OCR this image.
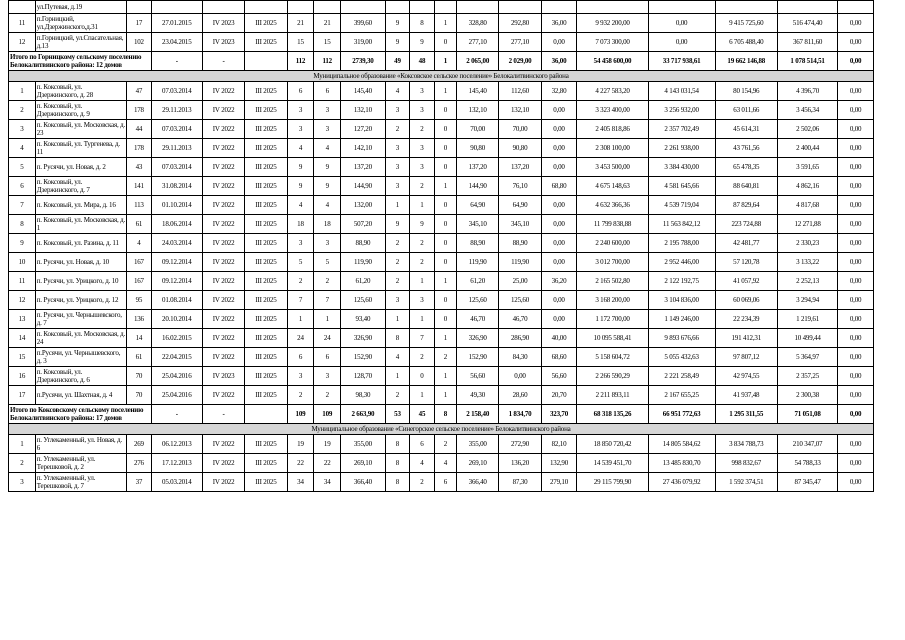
	ул.Путевая, д.19																		
11	п.Горницкий, ул.Дзержинского,д.31	17	27.01.2015	IV 2023	III 2025	21	21	399,60	9	8	1	328,80	292,80	36,00	9 932 200,00	0,00	9 415 725,60	516 474,40	0,00
12	п.Горницкий, ул.Спасательная, д.13	102	23.04.2015	IV 2023	III 2025	15	15	319,00	9	9	0	277,10	277,10	0,00	7 073 300,00	0,00	6 705 488,40	367 811,60	0,00
Итого по Горницкому сельскому поселению Белокалитвинского района: 12 домов			-	-		112	112	2739,30	49	48	1	2 065,00	2 029,00	36,00	54 458 600,00	33 717 938,61	19 662 146,88	1 078 514,51	0,00
Муниципальное образование «Коксовское сельское поселение» Белокалитвинского района																			
1	п. Коксовый, ул. Дзержинского, д. 28	47	07.03.2014	IV 2022	III 2025	6	6	145,40	4	3	1	145,40	112,60	32,80	4 227 583,20	4 143 031,54	80 154,96	4 396,70	0,00
2	п. Коксовый, ул. Дзержинского, д. 9	178	29.11.2013	IV 2022	III 2025	3	3	132,10	3	3	0	132,10	132,10	0,00	3 323 400,00	3 256 932,00	63 011,66	3 456,34	0,00
3	п. Коксовый, ул. Московская, д. 23	44	07.03.2014	IV 2022	III 2025	3	3	127,20	2	2	0	70,00	70,00	0,00	2 405 818,86	2 357 702,49	45 614,31	2 502,06	0,00
4	п. Коксовый, ул. Тургенева, д. 11	178	29.11.2013	IV 2022	III 2025	4	4	142,10	3	3	0	90,80	90,80	0,00	2 308 100,00	2 261 938,00	43 761,56	2 400,44	0,00
5	п. Русячи, ул. Новая, д. 2	43	07.03.2014	IV 2022	III 2025	9	9	137,20	3	3	0	137,20	137,20	0,00	3 453 500,00	3 384 430,00	65 478,35	3 591,65	0,00
6	п. Коксовый, ул. Дзержинского, д. 7	141	31.08.2014	IV 2022	III 2025	9	9	144,90	3	2	1	144,90	76,10	68,80	4 675 148,63	4 581 645,66	88 640,81	4 862,16	0,00
7	п. Коксовый, ул. Мира, д. 16	113	01.10.2014	IV 2022	III 2025	4	4	132,00	1	1	0	64,90	64,90	0,00	4 632 366,36	4 539 719,04	87 829,64	4 817,68	0,00
8	п. Коксовый, ул. Московская, д. 1	61	18.06.2014	IV 2022	III 2025	18	18	507,20	9	9	0	345,10	345,10	0,00	11 799 838,88	11 563 842,12	223 724,88	12 271,88	0,00
9	п. Коксовый, ул. Разина, д. 11	4	24.03.2014	IV 2022	III 2025	3	3	88,90	2	2	0	88,90	88,90	0,00	2 240 600,00	2 195 788,00	42 481,77	2 330,23	0,00
10	п. Русячи, ул. Новая, д. 10	167	09.12.2014	IV 2022	III 2025	5	5	119,90	2	2	0	119,90	119,90	0,00	3 012 700,00	2 952 446,00	57 120,78	3 133,22	0,00
11	п. Русячи, ул. Урицкого, д. 10	167	09.12.2014	IV 2022	III 2025	2	2	61,20	2	1	1	61,20	25,00	36,20	2 165 502,80	2 122 192,75	41 057,92	2 252,13	0,00
12	п. Русячи, ул. Урицкого, д. 12	95	01.08.2014	IV 2022	III 2025	7	7	125,60	3	3	0	125,60	125,60	0,00	3 168 200,00	3 104 836,00	60 069,06	3 294,94	0,00
13	п. Русячи, ул. Чернышевского, д. 7	136	20.10.2014	IV 2022	III 2025	1	1	93,40	1	1	0	46,70	46,70	0,00	1 172 700,00	1 149 246,00	22 234,39	1 219,61	0,00
14	п. Коксовый, ул. Московская, д. 24	14	16.02.2015	IV 2022	III 2025	24	24	326,90	8	7	1	326,90	286,90	40,00	10 095 588,41	9 893 676,66	191 412,31	10 499,44	0,00
15	п.Русячи, ул. Чернышевского, д. 3	61	22.04.2015	IV 2022	III 2025	6	6	152,90	4	2	2	152,90	84,30	68,60	5 158 604,72	5 055 432,63	97 807,12	5 364,97	0,00
16	п. Коксовый, ул. Дзержинского, д. 6	70	25.04.2016	IV 2023	III 2025	3	3	128,70	1	0	1	56,60	0,00	56,60	2 266 590,29	2 221 258,49	42 974,55	2 357,25	0,00
17	п.Русячи, ул. Шахтная, д. 4	70	25.04.2016	IV 2022	III 2025	2	2	98,30	2	1	1	49,30	28,60	20,70	2 211 893,11	2 167 655,25	41 937,48	2 300,38	0,00
Итого по Коксовскому сельскому поселению Белокалитвинского района: 17 домов			-	-		109	109	2 663,90	53	45	8	2 158,40	1 834,70	323,70	68 318 135,26	66 951 772,63	1 295 311,55	71 051,08	0,00
Муниципальное образование «Синегорское сельское поселение» Белокалитвинского района																			
1	п. Углекаменный, ул. Новая, д. 6	269	06.12.2013	IV 2022	III 2025	19	19	355,00	8	6	2	355,00	272,90	82,10	18 850 720,42	14 805 584,62	3 834 788,73	210 347,07	0,00
2	п. Углекаменный, ул. Терешковой, д. 2	276	17.12.2013	IV 2022	III 2025	22	22	269,10	8	4	4	269,10	136,20	132,90	14 539 451,70	13 485 830,70	998 832,67	54 788,33	0,00
3	п. Углекаменный, ул. Терешковой, д. 7	37	05.03.2014	IV 2022	III 2025	34	34	366,40	8	2	6	366,40	87,30	279,10	29 115 799,90	27 436 079,92	1 592 374,51	87 345,47	0,00
